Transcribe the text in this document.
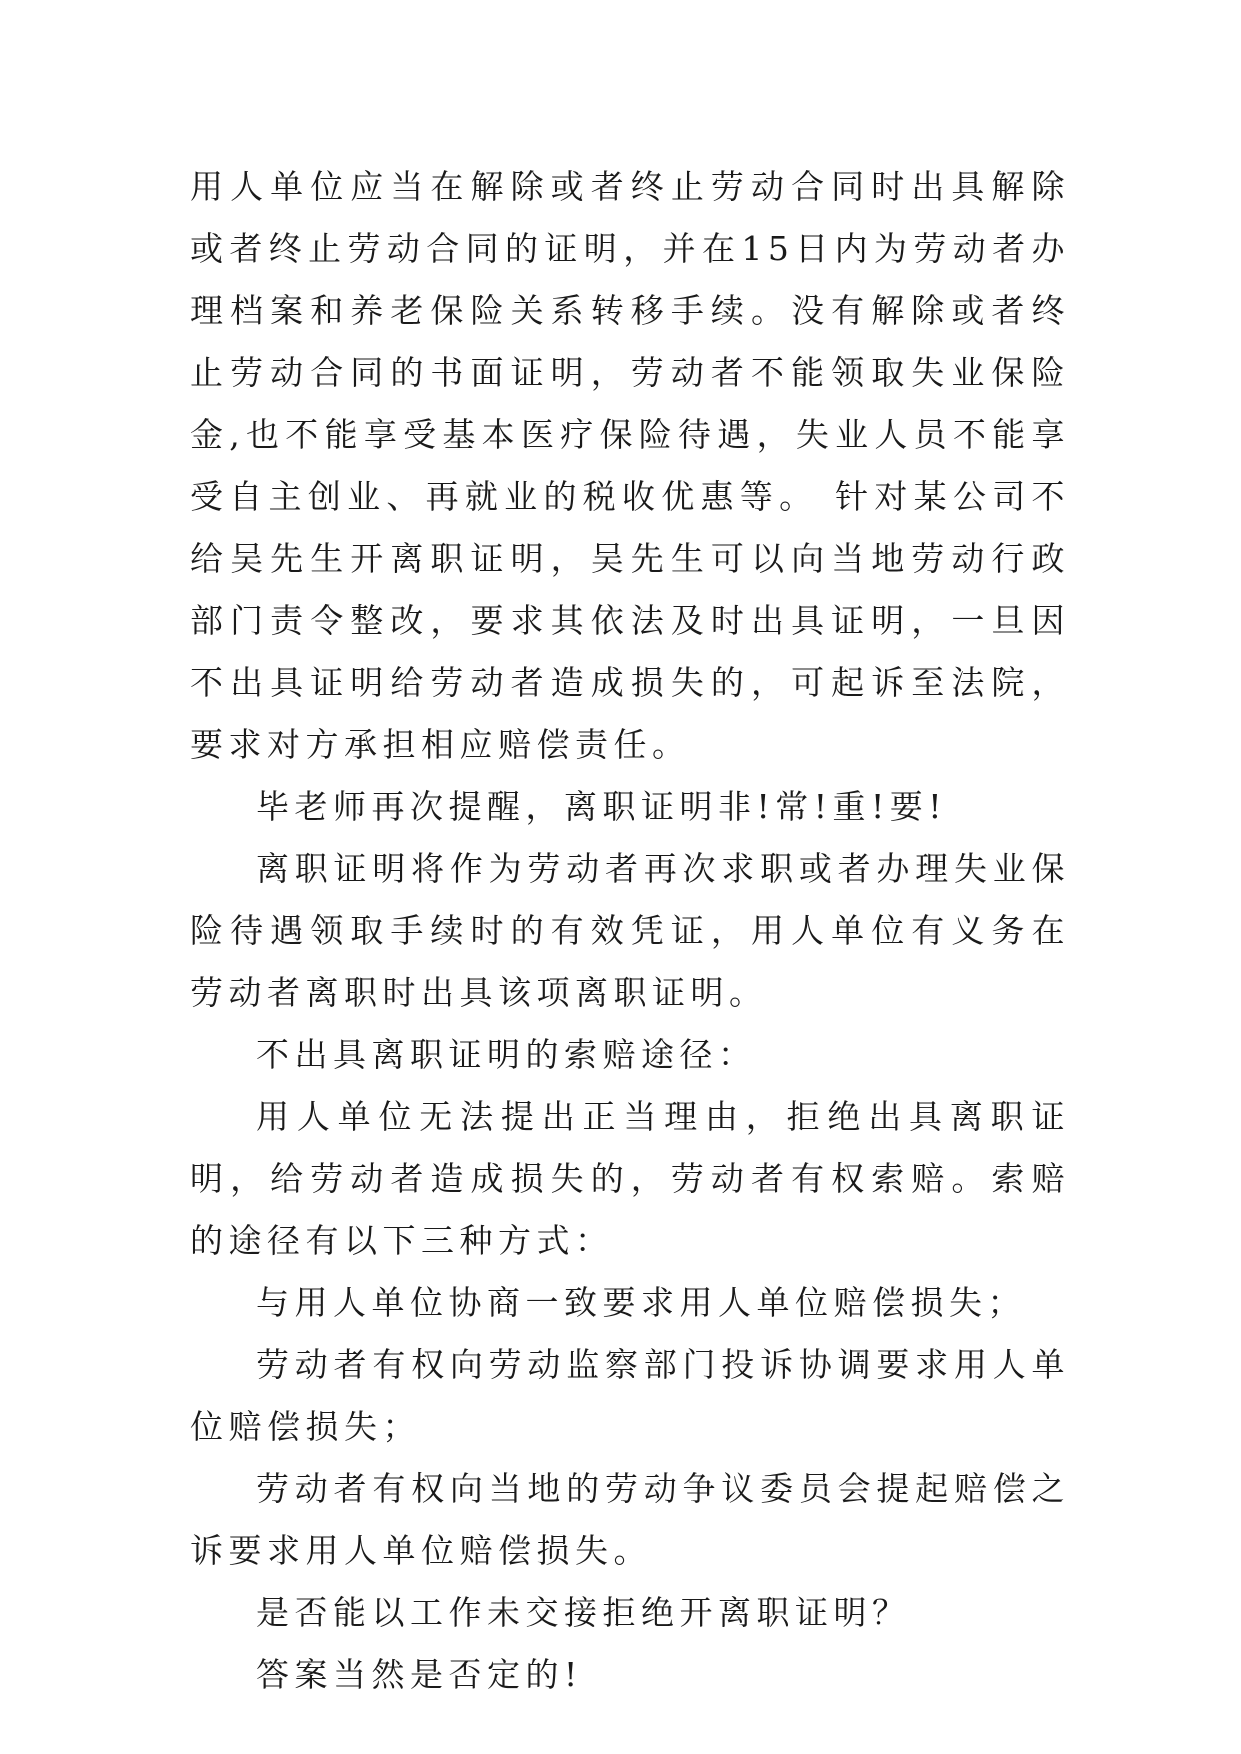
用人单位应当在解除或者终止劳动合同时出具解除或者终止劳动合同的证明，并在15日内为劳动者办理档案和养老保险关系转移手续。没有解除或者终止劳动合同的书面证明，劳动者不能领取失业保险金,也不能享受基本医疗保险待遇，失业人员不能享受自主创业、再就业的税收优惠等。 针对某公司不给吴先生开离职证明，吴先生可以向当地劳动行政部门责令整改，要求其依法及时出具证明，一旦因不出具证明给劳动者造成损失的，可起诉至法院，要求对方承担相应赔偿责任。

毕老师再次提醒，离职证明非!常!重!要!

离职证明将作为劳动者再次求职或者办理失业保险待遇领取手续时的有效凭证，用人单位有义务在劳动者离职时出具该项离职证明。

不出具离职证明的索赔途径：

用人单位无法提出正当理由，拒绝出具离职证明，给劳动者造成损失的，劳动者有权索赔。索赔的途径有以下三种方式：

与用人单位协商一致要求用人单位赔偿损失；

劳动者有权向劳动监察部门投诉协调要求用人单位赔偿损失；

劳动者有权向当地的劳动争议委员会提起赔偿之诉要求用人单位赔偿损失。

是否能以工作未交接拒绝开离职证明？

答案当然是否定的!
